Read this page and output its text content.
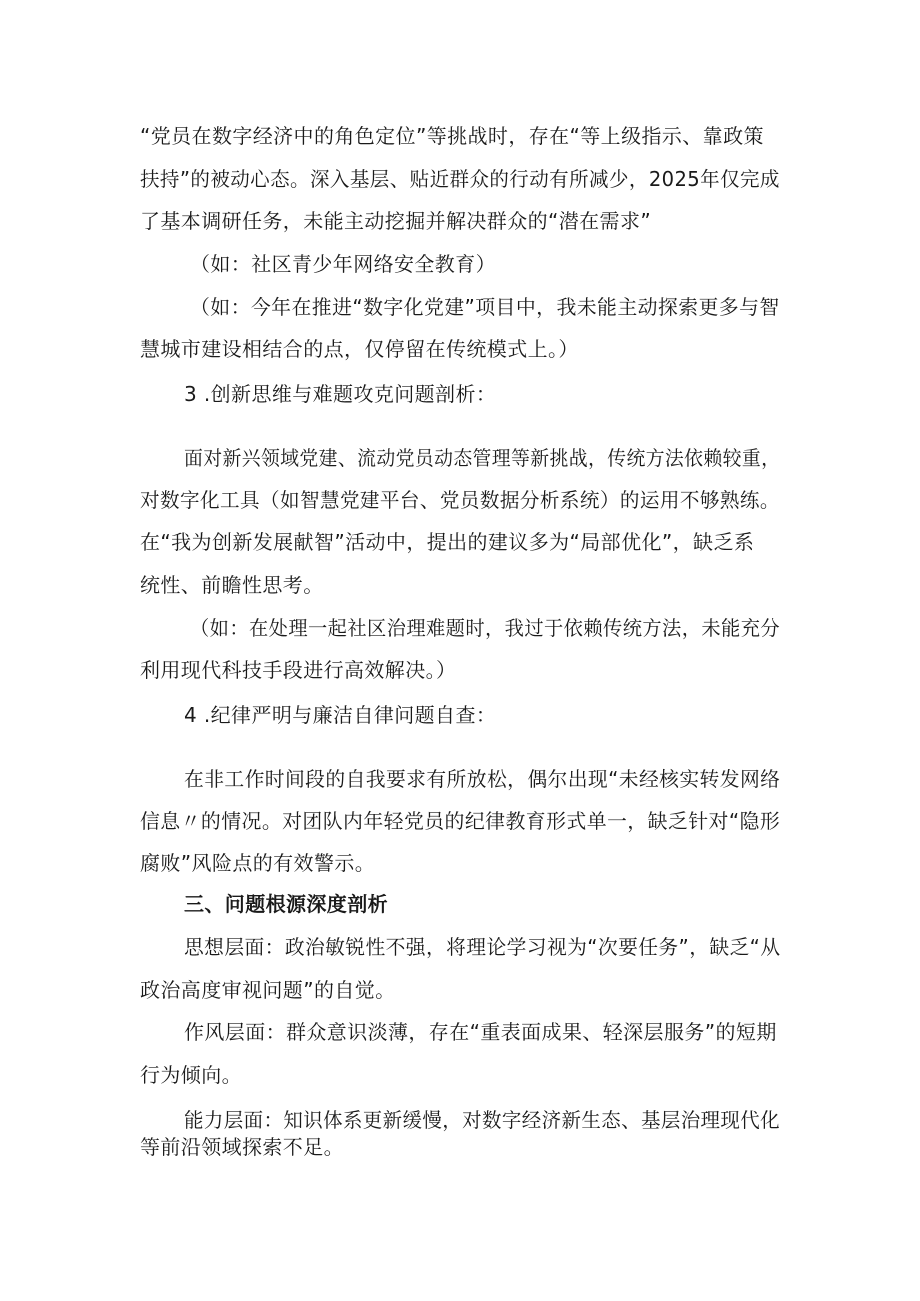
“党员在数字经济中的角色定位”等挑战时，存在“等上级指示、靠政策
扶持”的被动心态。深入基层、贴近群众的行动有所减少，2025年仅完成
了基本调研任务，未能主动挖掘并解决群众的“潜在需求”
（如：社区青少年网络安全教育）
（如：今年在推进“数字化党建”项目中，我未能主动探索更多与智
慧城市建设相结合的点，仅停留在传统模式上。）
3 .创新思维与难题攻克问题剖析：
面对新兴领域党建、流动党员动态管理等新挑战，传统方法依赖较重，
对数字化工具（如智慧党建平台、党员数据分析系统）的运用不够熟练。
在“我为创新发展献智”活动中，提出的建议多为“局部优化”，缺乏系
统性、前瞻性思考。
（如：在处理一起社区治理难题时，我过于依赖传统方法，未能充分
利用现代科技手段进行高效解决。）
4 .纪律严明与廉洁自律问题自查：
在非工作时间段的自我要求有所放松，偶尔出现“未经核实转发网络
信息〃的情况。对团队内年轻党员的纪律教育形式单一，缺乏针对“隐形
腐败”风险点的有效警示。
三、问题根源深度剖析
思想层面：政治敏锐性不强，将理论学习视为“次要任务”，缺乏“从
政治高度审视问题”的自觉。
作风层面：群众意识淡薄，存在“重表面成果、轻深层服务”的短期
行为倾向。
能力层面：知识体系更新缓慢，对数字经济新生态、基层治理现代化
等前沿领域探索不足。
